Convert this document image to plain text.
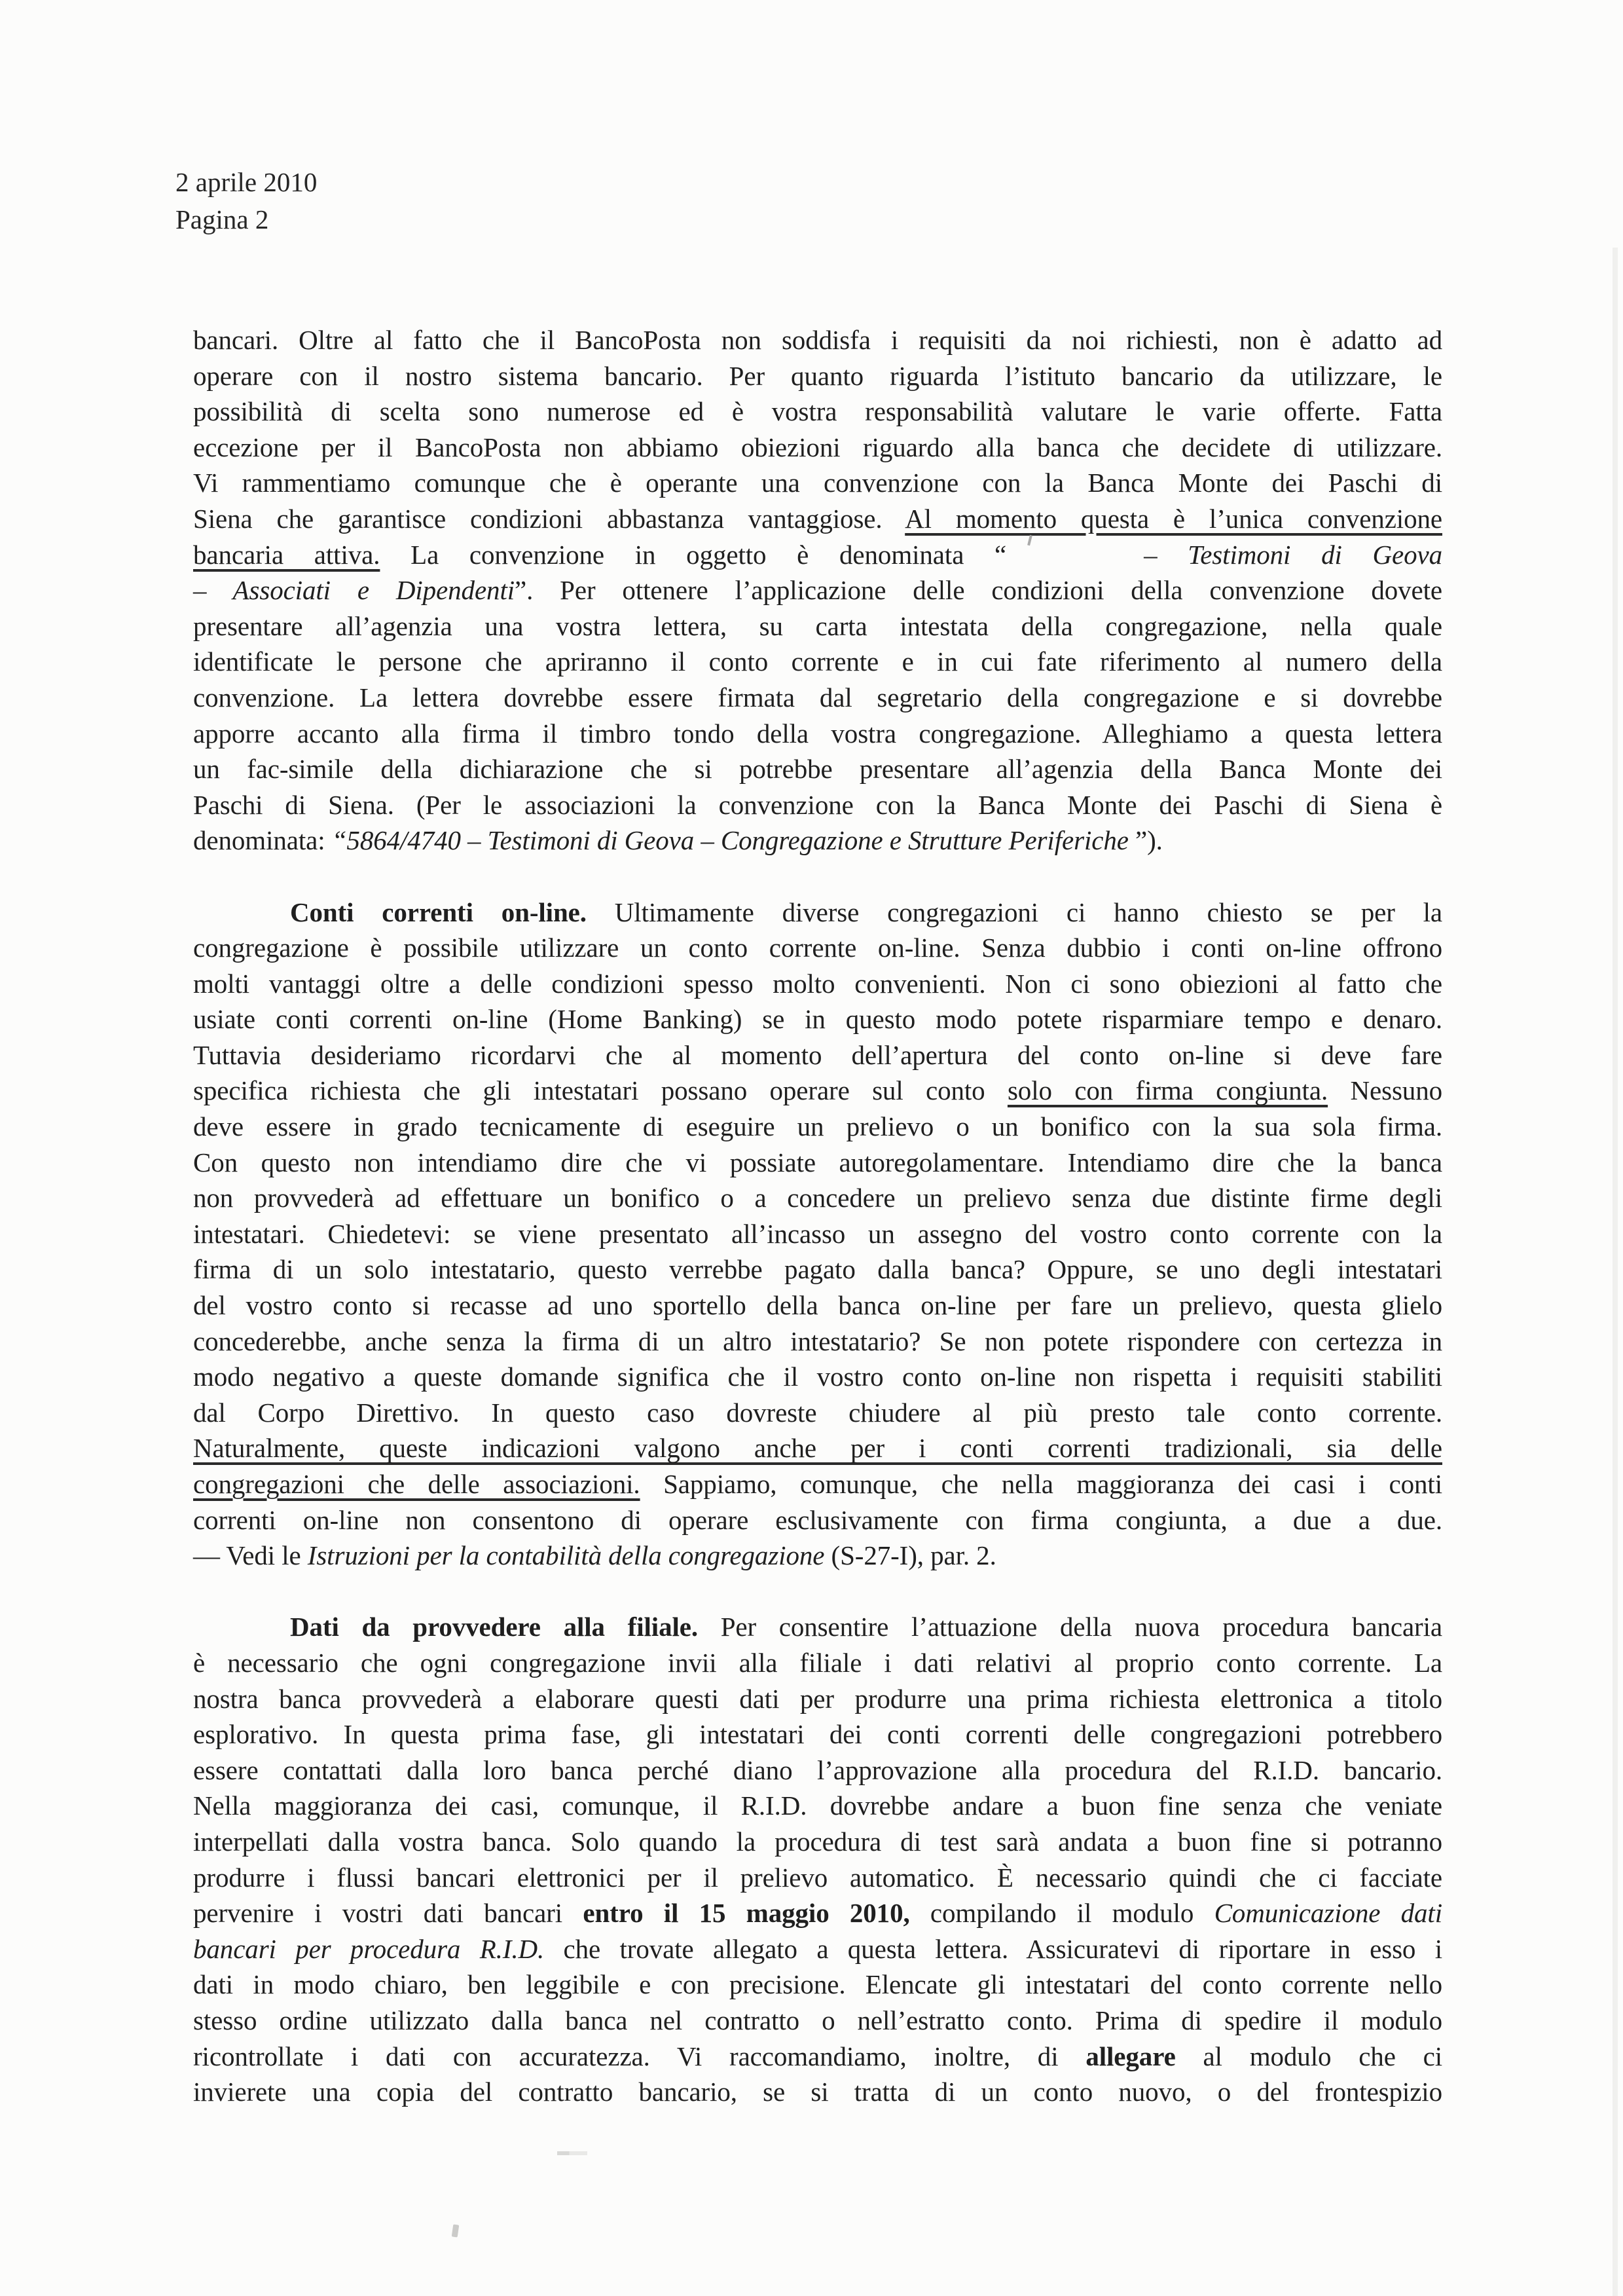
2 aprile 2010
Pagina 2
bancari. Oltre al fatto che il BancoPosta non soddisfa i requisiti da noi richiesti, non è adatto ad
operare con il nostro sistema bancario. Per quanto riguarda l’istituto bancario da utilizzare, le
possibilità di scelta sono numerose ed è vostra responsabilità valutare le varie offerte. Fatta
eccezione per il BancoPosta non abbiamo obiezioni riguardo alla banca che decidete di utilizzare.
Vi rammentiamo comunque che è operante una convenzione con la Banca Monte dei Paschi di
Siena che garantisce condizioni abbastanza vantaggiose. Al momento questa è l’unica convenzione
bancaria attiva. La convenzione in oggetto è denominata “	– Testimoni di Geova
– Associati e Dipendenti”. Per ottenere l’applicazione delle condizioni della convenzione dovete
presentare all’agenzia una vostra lettera, su carta intestata della congregazione, nella quale
identificate le persone che apriranno il conto corrente e in cui fate riferimento al numero della
convenzione. La lettera dovrebbe essere firmata dal segretario della congregazione e si dovrebbe
apporre accanto alla firma il timbro tondo della vostra congregazione. Alleghiamo a questa lettera
un fac-simile della dichiarazione che si potrebbe presentare all’agenzia della Banca Monte dei
Paschi di Siena. (Per le associazioni la convenzione con la Banca Monte dei Paschi di Siena è
denominata: “5864/4740 – Testimoni di Geova – Congregazione e Strutture Periferiche ”).
Conti correnti on-line. Ultimamente diverse congregazioni ci hanno chiesto se per la
congregazione è possibile utilizzare un conto corrente on-line. Senza dubbio i conti on-line offrono
molti vantaggi oltre a delle condizioni spesso molto convenienti. Non ci sono obiezioni al fatto che
usiate conti correnti on-line (Home Banking) se in questo modo potete risparmiare tempo e denaro.
Tuttavia desideriamo ricordarvi che al momento dell’apertura del conto on-line si deve fare
specifica richiesta che gli intestatari possano operare sul conto solo con firma congiunta. Nessuno
deve essere in grado tecnicamente di eseguire un prelievo o un bonifico con la sua sola firma.
Con questo non intendiamo dire che vi possiate autoregolamentare. Intendiamo dire che la banca
non provvederà ad effettuare un bonifico o a concedere un prelievo senza due distinte firme degli
intestatari. Chiedetevi: se viene presentato all’incasso un assegno del vostro conto corrente con la
firma di un solo intestatario, questo verrebbe pagato dalla banca? Oppure, se uno degli intestatari
del vostro conto si recasse ad uno sportello della banca on-line per fare un prelievo, questa glielo
concederebbe, anche senza la firma di un altro intestatario? Se non potete rispondere con certezza in
modo negativo a queste domande significa che il vostro conto on-line non rispetta i requisiti stabiliti
dal Corpo Direttivo. In questo caso dovreste chiudere al più presto tale conto corrente.
Naturalmente, queste indicazioni valgono anche per i conti correnti tradizionali, sia delle
congregazioni che delle associazioni. Sappiamo, comunque, che nella maggioranza dei casi i conti
correnti on-line non consentono di operare esclusivamente con firma congiunta, a due a due.
— Vedi le Istruzioni per la contabilità della congregazione (S-27-I), par. 2.
Dati da provvedere alla filiale. Per consentire l’attuazione della nuova procedura bancaria
è necessario che ogni congregazione invii alla filiale i dati relativi al proprio conto corrente. La
nostra banca provvederà a elaborare questi dati per produrre una prima richiesta elettronica a titolo
esplorativo. In questa prima fase, gli intestatari dei conti correnti delle congregazioni potrebbero
essere contattati dalla loro banca perché diano l’approvazione alla procedura del R.I.D. bancario.
Nella maggioranza dei casi, comunque, il R.I.D. dovrebbe andare a buon fine senza che veniate
interpellati dalla vostra banca. Solo quando la procedura di test sarà andata a buon fine si potranno
produrre i flussi bancari elettronici per il prelievo automatico. È necessario quindi che ci facciate
pervenire i vostri dati bancari entro il 15 maggio 2010, compilando il modulo Comunicazione dati
bancari per procedura R.I.D. che trovate allegato a questa lettera. Assicuratevi di riportare in esso i
dati in modo chiaro, ben leggibile e con precisione. Elencate gli intestatari del conto corrente nello
stesso ordine utilizzato dalla banca nel contratto o nell’estratto conto. Prima di spedire il modulo
ricontrollate i dati con accuratezza. Vi raccomandiamo, inoltre, di allegare al modulo che ci
invierete una copia del contratto bancario, se si tratta di un conto nuovo, o del frontespizio
